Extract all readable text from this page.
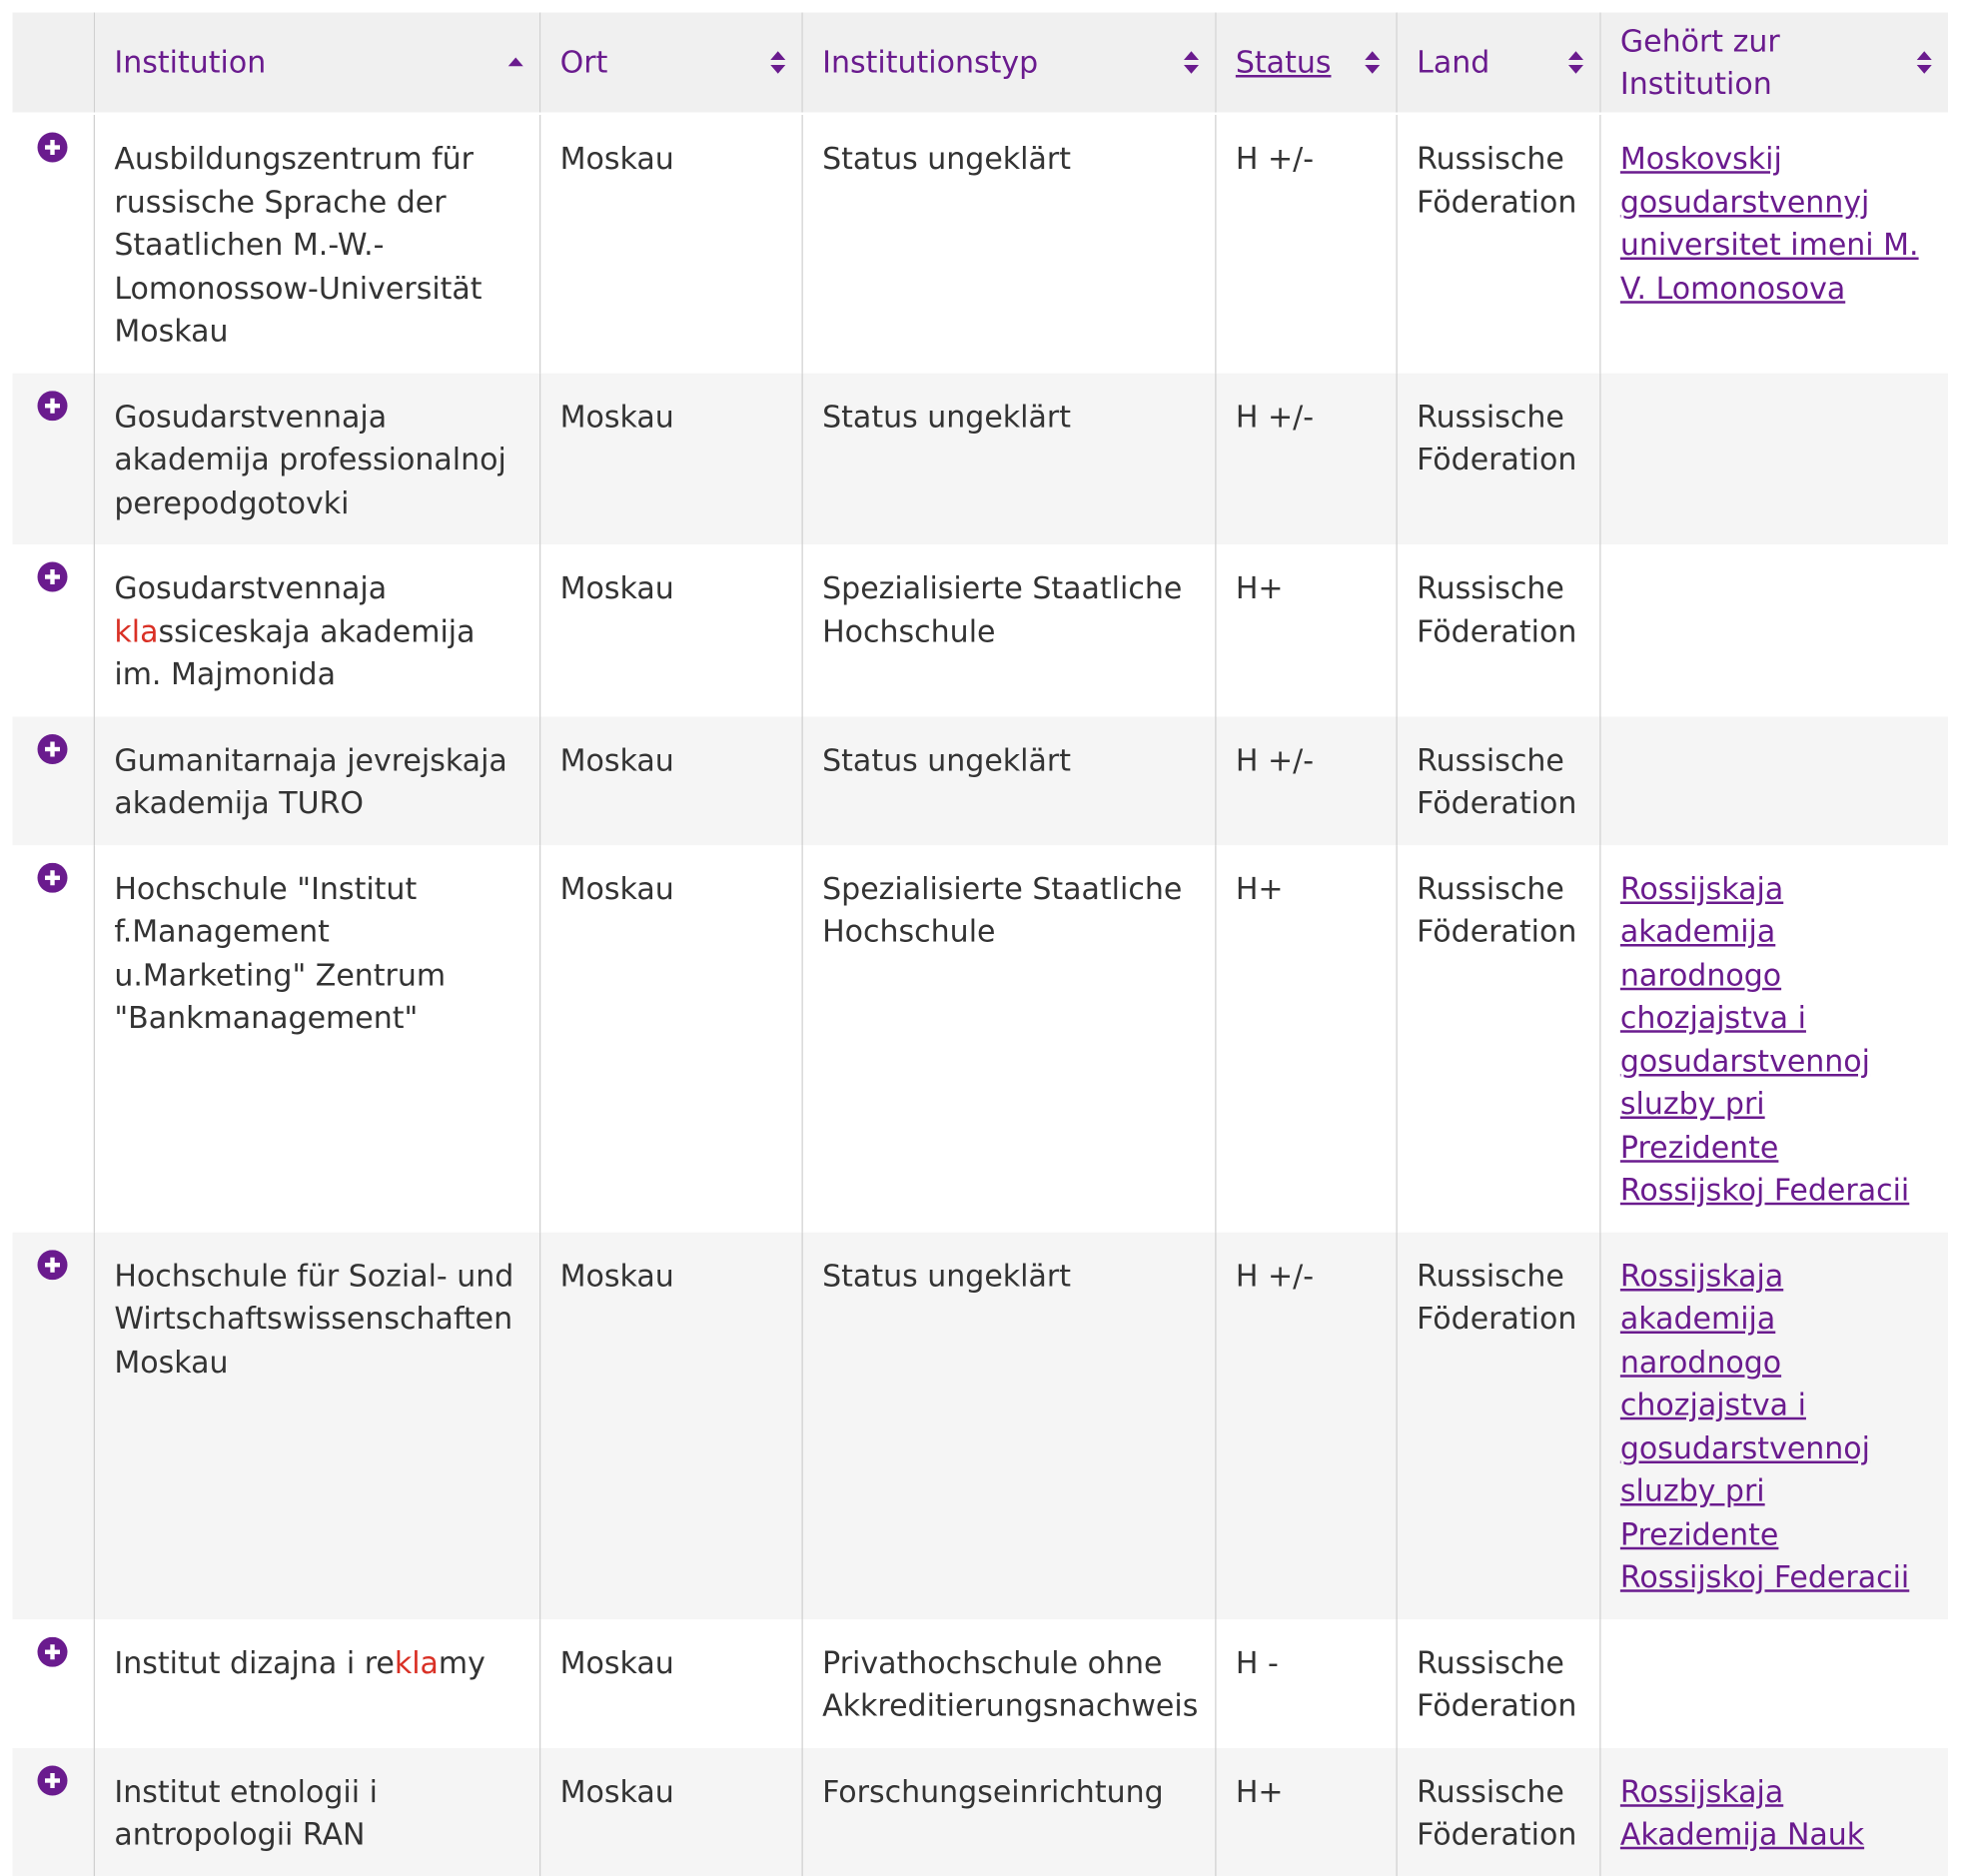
	Institution	Ort	Institutionstyp	Status	Land	Gehört zur Institution

	Ausbildungszentrum für russische Sprache der Staatlichen M.-W.-Lomonossow-Universität Moskau	Moskau	Status ungeklärt	H +/-	Russische Föderation	Moskovskij gosudarstvennyj universitet imeni M. V. Lomonosova

	Gosudarstvennaja akademija professionalnoj perepodgotovki	Moskau	Status ungeklärt	H +/-	Russische Föderation	

	Gosudarstvennaja klassiceskaja akademija im. Majmonida	Moskau	Spezialisierte Staatliche Hochschule	H+	Russische Föderation	

	Gumanitarnaja jevrejskaja akademija TURO	Moskau	Status ungeklärt	H +/-	Russische Föderation	

	Hochschule "Institut f.Management u.Marketing" Zentrum "Bankmanagement"	Moskau	Spezialisierte Staatliche Hochschule	H+	Russische Föderation	Rossijskaja akademija narodnogo chozjajstva i gosudarstvennoj sluzby pri Prezidente Rossijskoj Federacii

	Hochschule für Sozial- und Wirtschaftswissenschaften Moskau	Moskau	Status ungeklärt	H +/-	Russische Föderation	Rossijskaja akademija narodnogo chozjajstva i gosudarstvennoj sluzby pri Prezidente Rossijskoj Federacii

	Institut dizajna i reklamy	Moskau	Privathochschule ohne Akkreditierungsnachweis	H -	Russische Föderation	

	Institut etnologii i antropologii RAN	Moskau	Forschungseinrichtung	H+	Russische Föderation	Rossijskaja Akademija Nauk
